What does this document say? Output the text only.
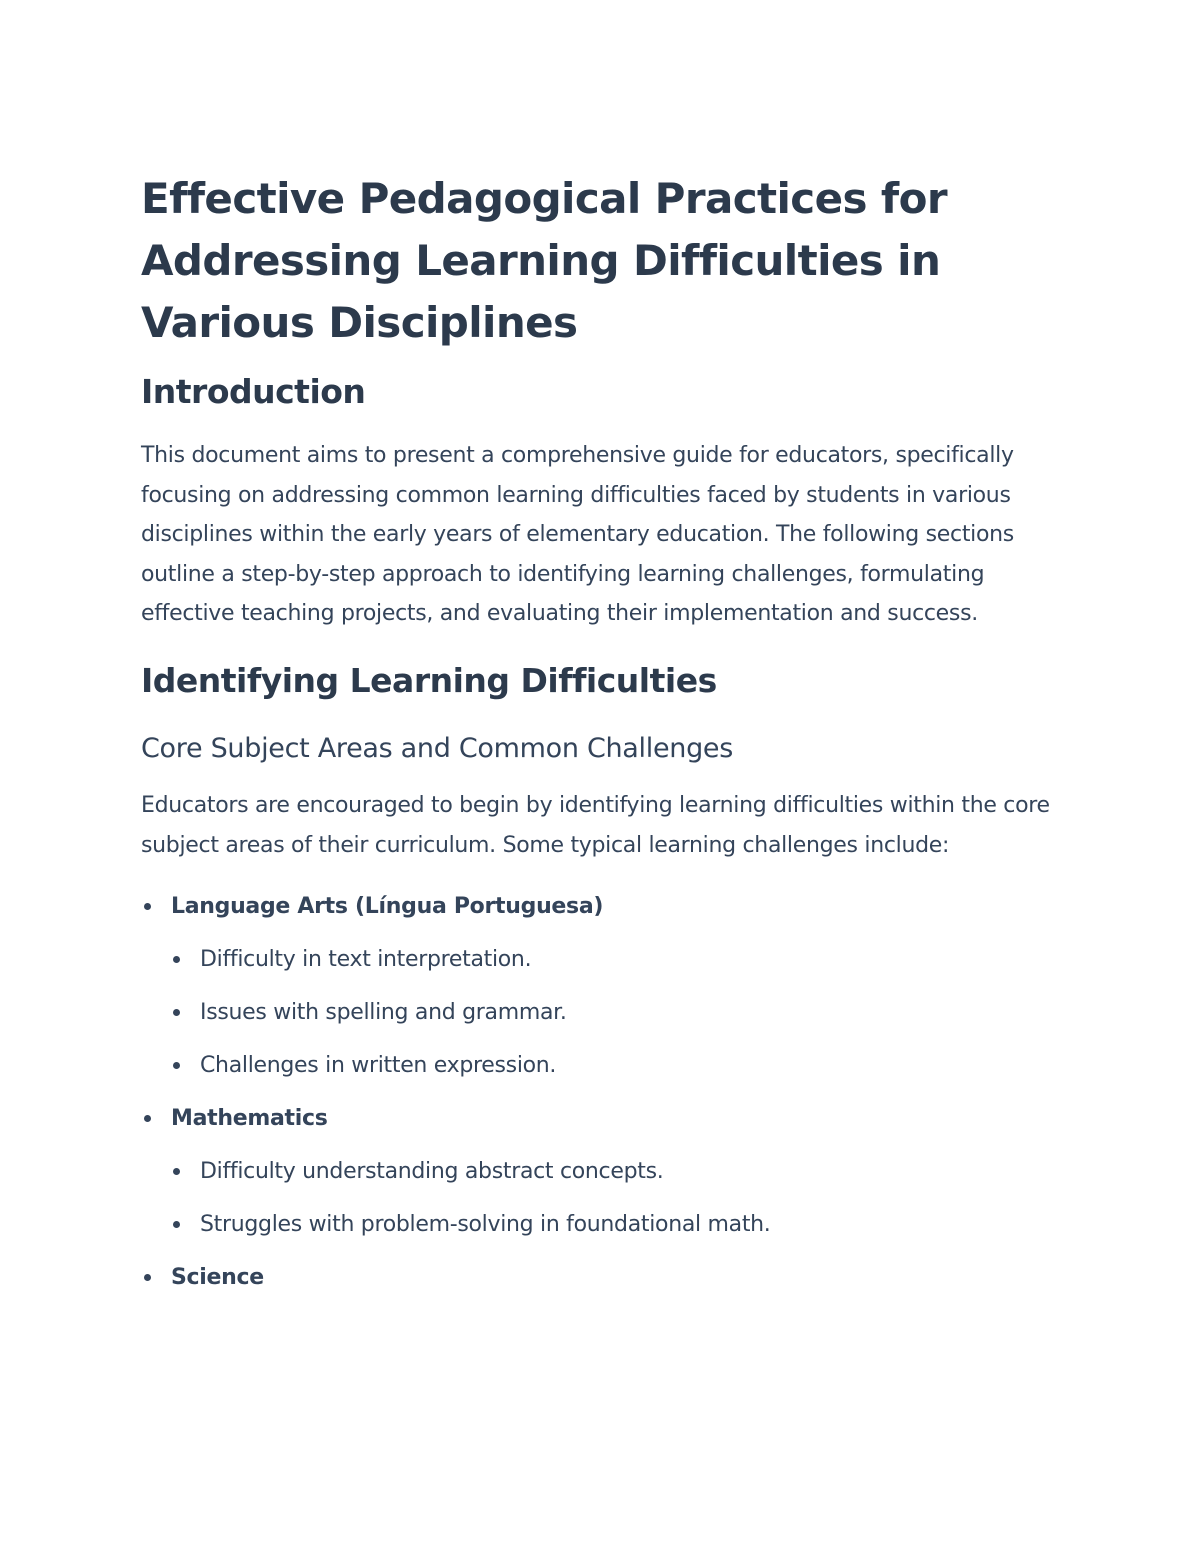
Effective Pedagogical Practices for Addressing Learning Difficulties in Various Disciplines
Introduction

This document aims to present a comprehensive guide for educators, specifically focusing on addressing common learning difficulties faced by students in various disciplines within the early years of elementary education. The following sections outline a step-by-step approach to identifying learning challenges, formulating effective teaching projects, and evaluating their implementation and success.

Identifying Learning Difficulties
Core Subject Areas and Common Challenges

Educators are encouraged to begin by identifying learning difficulties within the core subject areas of their curriculum. Some typical learning challenges include:

Language Arts (Língua Portuguesa)
Difficulty in text interpretation.
Issues with spelling and grammar.
Challenges in written expression.
Mathematics
Difficulty understanding abstract concepts.
Struggles with problem-solving in foundational math.
Science
